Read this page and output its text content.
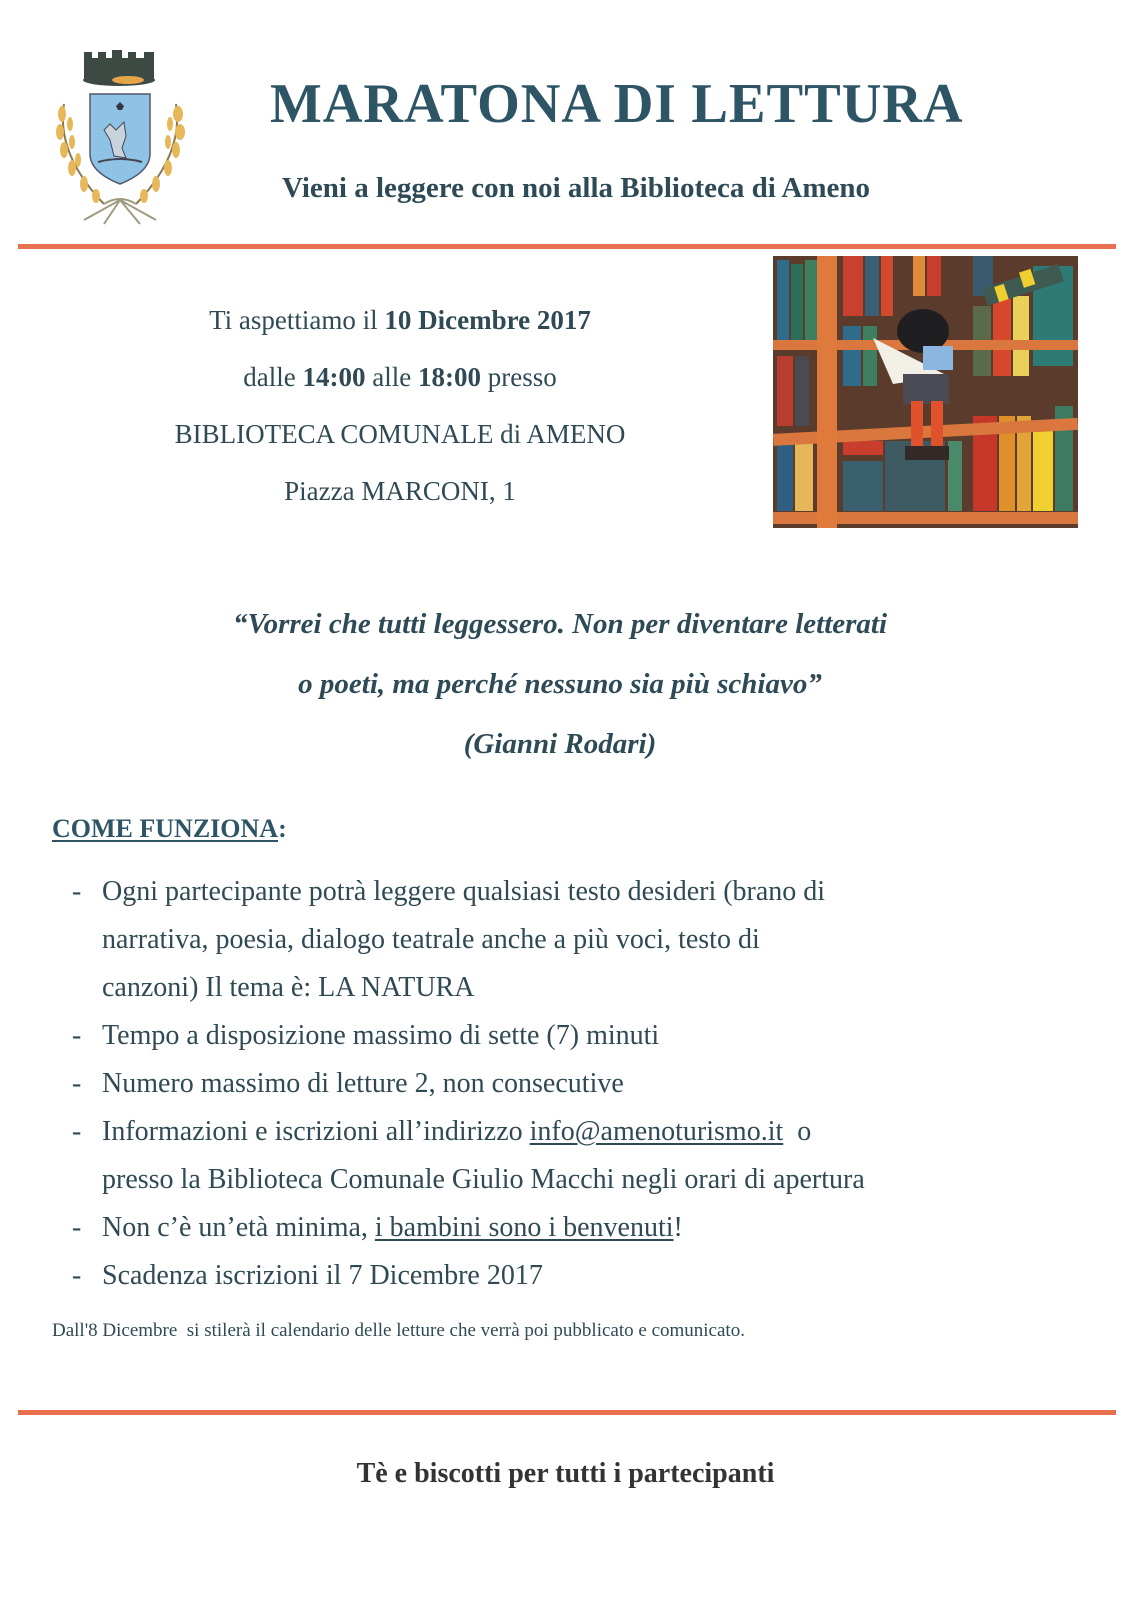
MARATONA DI LETTURA
Vieni a leggere con noi alla Biblioteca di Ameno
Ti aspettiamo il 10 Dicembre 2017
dalle 14:00 alle 18:00 presso
BIBLIOTECA COMUNALE di AMENO
Piazza MARCONI, 1
“Vorrei che tutti leggessero. Non per diventare letterati
o poeti, ma perché nessuno sia più schiavo”
(Gianni Rodari)
COME FUNZIONA:
- Ogni partecipante potrà leggere qualsiasi testo desideri (brano di
narrativa, poesia, dialogo teatrale anche a più voci, testo di
canzoni) Il tema è: LA NATURA
- Tempo a disposizione massimo di sette (7) minuti
- Numero massimo di letture 2, non consecutive
- Informazioni e iscrizioni all’indirizzo info@amenoturismo.it  o
presso la Biblioteca Comunale Giulio Macchi negli orari di apertura
- Non c’è un’età minima, i bambini sono i benvenuti!
- Scadenza iscrizioni il 7 Dicembre 2017
Dall'8 Dicembre  si stilerà il calendario delle letture che verrà poi pubblicato e comunicato.
Tè e biscotti per tutti i partecipanti
